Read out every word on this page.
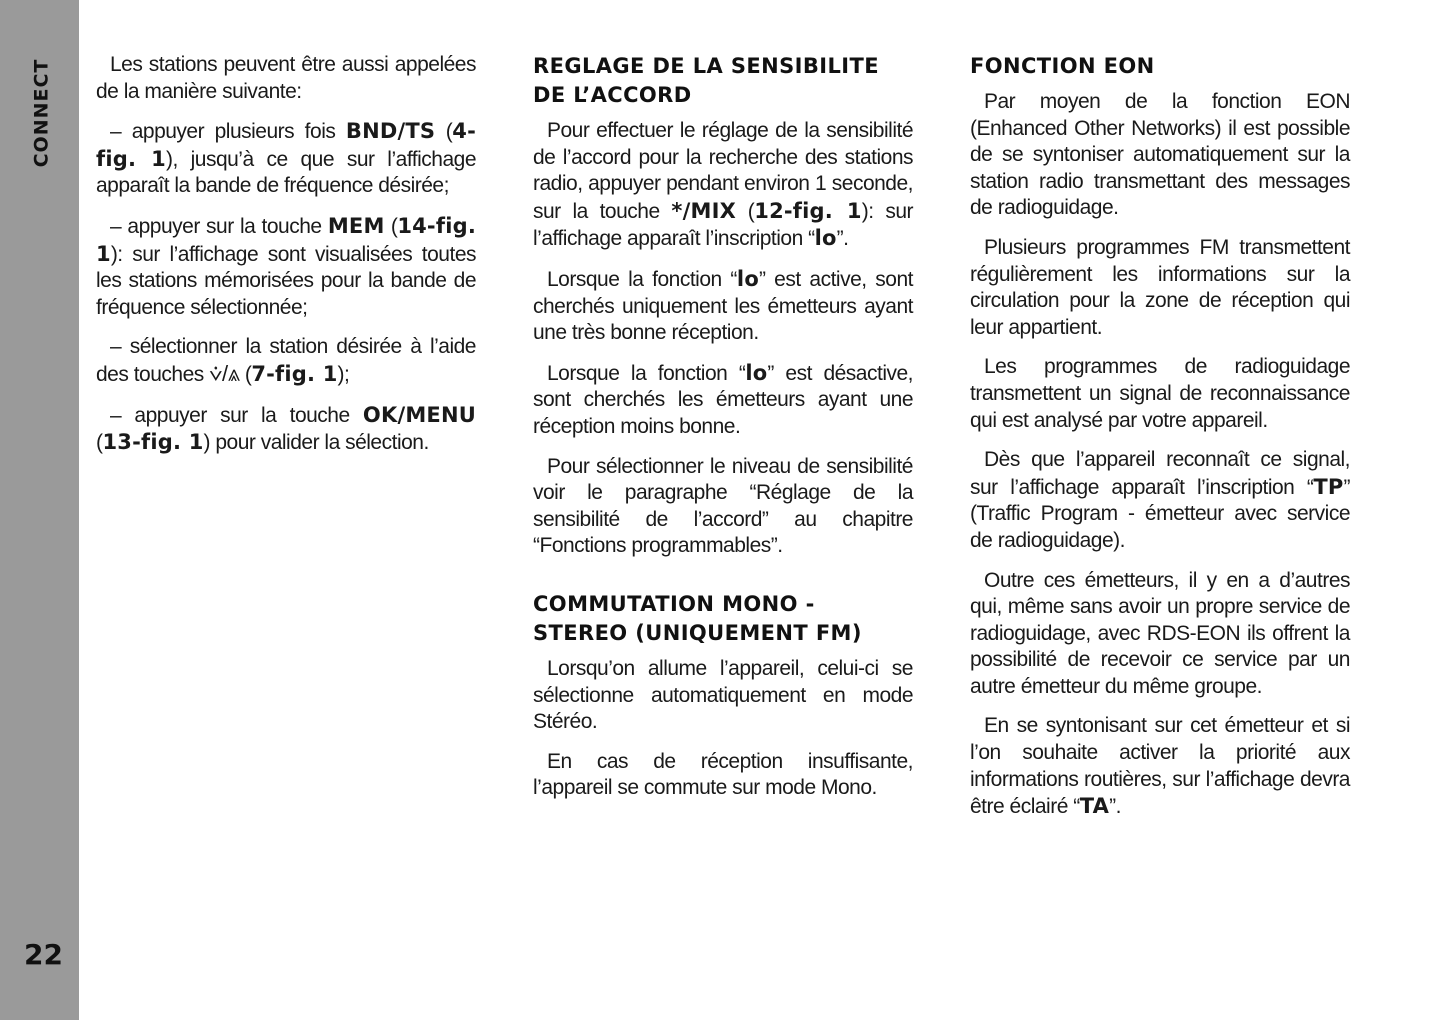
CONNECT
22

Les stations peuvent être aussi appelées de la manière suivante:

– appuyer plusieurs fois BND/TS (4-fig. 1), jusqu’à ce que sur l’affichage apparaît la bande de fréquence désirée;

– appuyer sur la touche MEM (14-fig. 1): sur l’affichage sont visualisées toutes les stations mémorisées pour la bande de fréquence sélectionnée;

– sélectionner la station désirée à l’aide des touches ⩒/⩓ (7-fig. 1);

– appuyer sur la touche OK/MENU (13-fig. 1) pour valider la sélection.

REGLAGE DE LA SENSIBILITE DE L’ACCORD

Pour effectuer le réglage de la sensibilité de l’accord pour la recherche des stations radio, appuyer pendant environ 1 seconde, sur la touche */MIX (12-fig. 1): sur l’affichage apparaît l’inscription “lo”.

Lorsque la fonction “lo” est active, sont cherchés uniquement les émetteurs ayant une très bonne réception.

Lorsque la fonction “lo” est désactive, sont cherchés les émetteurs ayant une réception moins bonne.

Pour sélectionner le niveau de sensibilité voir le paragraphe “Réglage de la sensibilité de l’accord” au chapitre “Fonctions programmables”.

COMMUTATION MONO - STEREO (UNIQUEMENT FM)

Lorsqu’on allume l’appareil, celui-ci se sélectionne automatiquement en mode Stéréo.

En cas de réception insuffisante, l’appareil se commute sur mode Mono.

FONCTION EON

Par moyen de la fonction EON (Enhanced Other Networks) il est possible de se syntoniser automatiquement sur la station radio transmettant des messages de radioguidage.

Plusieurs programmes FM transmettent régulièrement les informations sur la circulation pour la zone de réception qui leur appartient.

Les programmes de radioguidage transmettent un signal de reconnaissance qui est analysé par votre appareil.

Dès que l’appareil reconnaît ce signal, sur l’affichage apparaît l’inscription “TP” (Traffic Program - émetteur avec service de radioguidage).

Outre ces émetteurs, il y en a d’autres qui, même sans avoir un propre service de radioguidage, avec RDS-EON ils offrent la possibilité de recevoir ce service par un autre émetteur du même groupe.

En se syntonisant sur cet émetteur et si l’on souhaite activer la priorité aux informations routières, sur l’affichage devra être éclairé “TA”.
